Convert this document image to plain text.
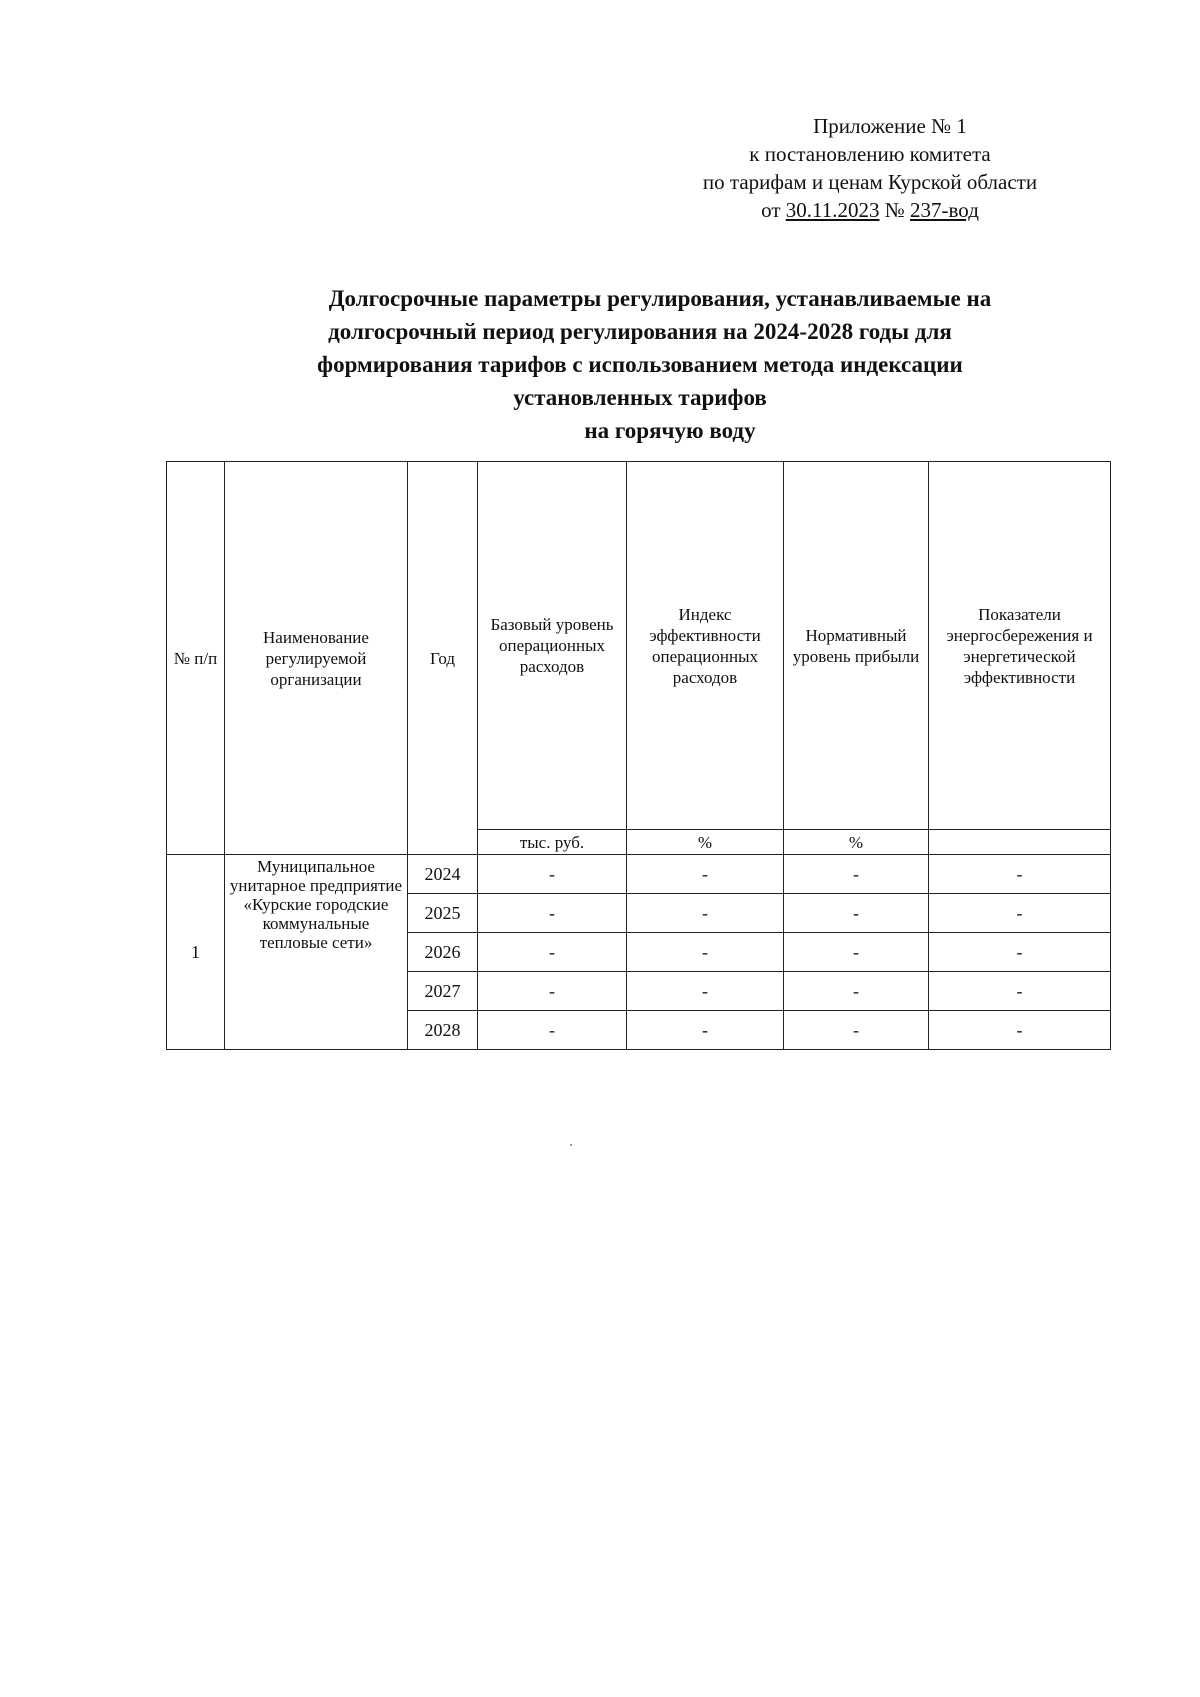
Приложение № 1
к постановлению комитета
по тарифам и ценам Курской области
от 30.11.2023 № 237-вод
Долгосрочные параметры регулирования, устанавливаемые на
долгосрочный период регулирования на 2024-2028 годы для
формирования тарифов с использованием метода индексации
установленных тарифов
на горячую воду
№ п/п	Наименование регулируемой организации	Год	Базовый уровень операционных расходов	Индекс эффективности операционных расходов	Нормативный уровень прибыли	Показатели энергосбережения и энергетической эффективности
			тыс. руб.	%	%	
1	Муниципальное унитарное предприятие «Курские городские коммунальные тепловые сети»	2024	-	-	-	-
		2025	-	-	-	-
		2026	-	-	-	-
		2027	-	-	-	-
		2028	-	-	-	-
